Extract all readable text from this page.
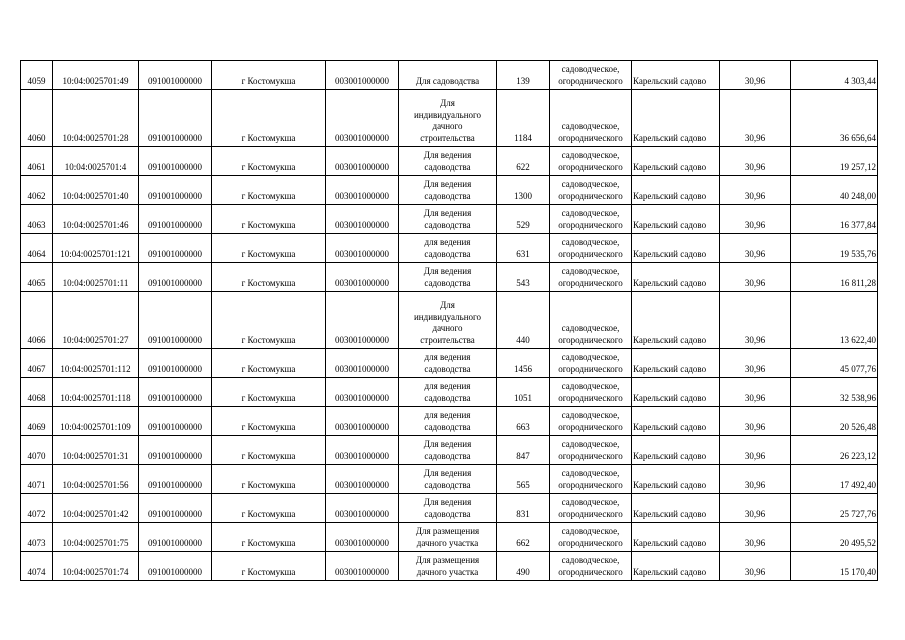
4059	10:04:0025701:49	091001000000	г Костомукша	003001000000	Для садоводства	139	садоводческое,
огороднического	Карельский садово	30,96	4 303,44
4060	10:04:0025701:28	091001000000	г Костомукша	003001000000	Для
индивидуального
дачного
строительства	1184	садоводческое,
огороднического	Карельский садово	30,96	36 656,64
4061	10:04:0025701:4	091001000000	г Костомукша	003001000000	Для ведения
садоводства	622	садоводческое,
огороднического	Карельский садово	30,96	19 257,12
4062	10:04:0025701:40	091001000000	г Костомукша	003001000000	Для ведения
садоводства	1300	садоводческое,
огороднического	Карельский садово	30,96	40 248,00
4063	10:04:0025701:46	091001000000	г Костомукша	003001000000	Для ведения
садоводства	529	садоводческое,
огороднического	Карельский садово	30,96	16 377,84
4064	10:04:0025701:121	091001000000	г Костомукша	003001000000	для ведения
садоводства	631	садоводческое,
огороднического	Карельский садово	30,96	19 535,76
4065	10:04:0025701:11	091001000000	г Костомукша	003001000000	Для ведения
садоводства	543	садоводческое,
огороднического	Карельский садово	30,96	16 811,28
4066	10:04:0025701:27	091001000000	г Костомукша	003001000000	Для
индивидуального
дачного
строительства	440	садоводческое,
огороднического	Карельский садово	30,96	13 622,40
4067	10:04:0025701:112	091001000000	г Костомукша	003001000000	для ведения
садоводства	1456	садоводческое,
огороднического	Карельский садово	30,96	45 077,76
4068	10:04:0025701:118	091001000000	г Костомукша	003001000000	для ведения
садоводства	1051	садоводческое,
огороднического	Карельский садово	30,96	32 538,96
4069	10:04:0025701:109	091001000000	г Костомукша	003001000000	для ведения
садоводства	663	садоводческое,
огороднического	Карельский садово	30,96	20 526,48
4070	10:04:0025701:31	091001000000	г Костомукша	003001000000	Для ведения
садоводства	847	садоводческое,
огороднического	Карельский садово	30,96	26 223,12
4071	10:04:0025701:56	091001000000	г Костомукша	003001000000	Для ведения
садоводства	565	садоводческое,
огороднического	Карельский садово	30,96	17 492,40
4072	10:04:0025701:42	091001000000	г Костомукша	003001000000	Для ведения
садоводства	831	садоводческое,
огороднического	Карельский садово	30,96	25 727,76
4073	10:04:0025701:75	091001000000	г Костомукша	003001000000	Для размещения
дачного участка	662	садоводческое,
огороднического	Карельский садово	30,96	20 495,52
4074	10:04:0025701:74	091001000000	г Костомукша	003001000000	Для размещения
дачного участка	490	садоводческое,
огороднического	Карельский садово	30,96	15 170,40
